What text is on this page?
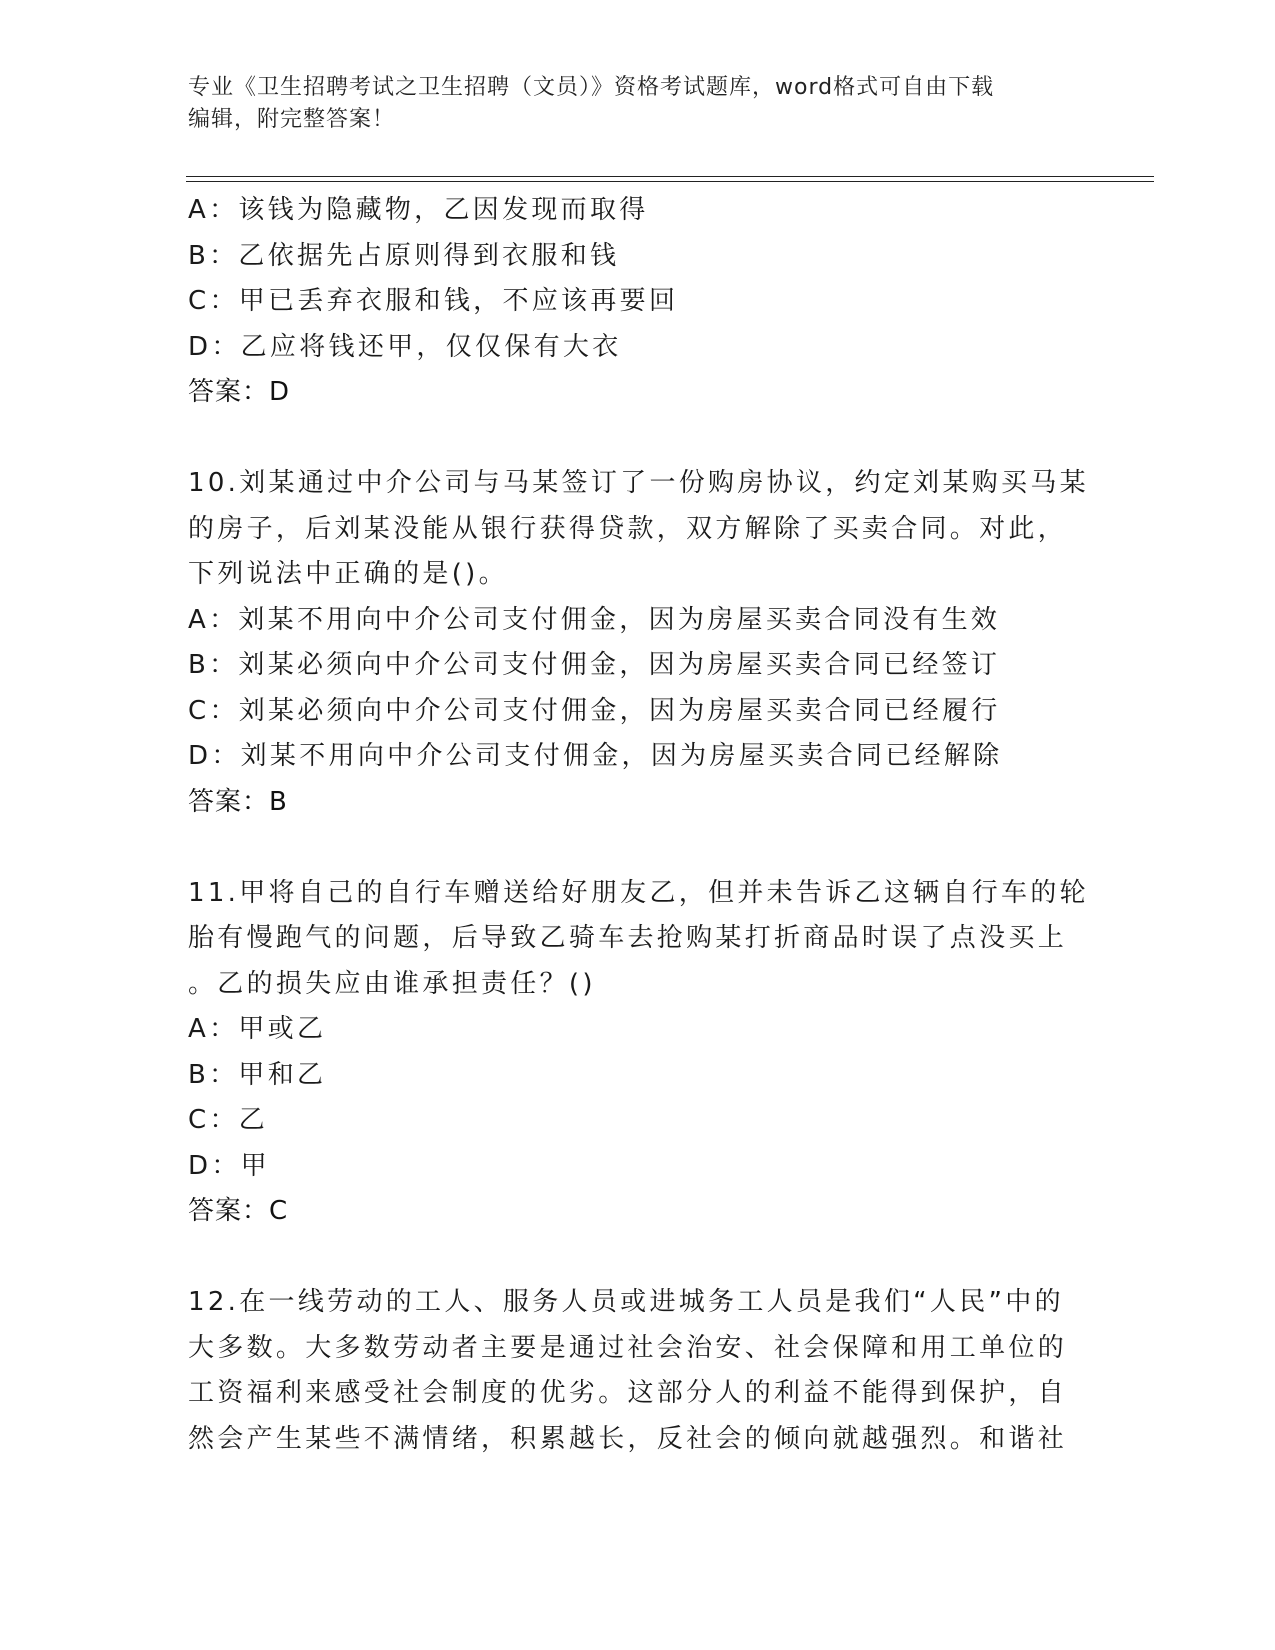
专业《卫生招聘考试之卫生招聘（文员）》资格考试题库，word格式可自由下载
编辑，附完整答案！
A：该钱为隐藏物，乙因发现而取得
B：乙依据先占原则得到衣服和钱
C：甲已丢弃衣服和钱，不应该再要回
D：乙应将钱还甲，仅仅保有大衣
答案：D
10.刘某通过中介公司与马某签订了一份购房协议，约定刘某购买马某
的房子，后刘某没能从银行获得贷款，双方解除了买卖合同。对此，
下列说法中正确的是()。
A：刘某不用向中介公司支付佣金，因为房屋买卖合同没有生效
B：刘某必须向中介公司支付佣金，因为房屋买卖合同已经签订
C：刘某必须向中介公司支付佣金，因为房屋买卖合同已经履行
D：刘某不用向中介公司支付佣金，因为房屋买卖合同已经解除
答案：B
11.甲将自己的自行车赠送给好朋友乙，但并未告诉乙这辆自行车的轮
胎有慢跑气的问题，后导致乙骑车去抢购某打折商品时误了点没买上
。乙的损失应由谁承担责任？()
A：甲或乙
B：甲和乙
C：乙
D：甲
答案：C
12.在一线劳动的工人、服务人员或进城务工人员是我们“人民”中的
大多数。大多数劳动者主要是通过社会治安、社会保障和用工单位的
工资福利来感受社会制度的优劣。这部分人的利益不能得到保护，自
然会产生某些不满情绪，积累越长，反社会的倾向就越强烈。和谐社
